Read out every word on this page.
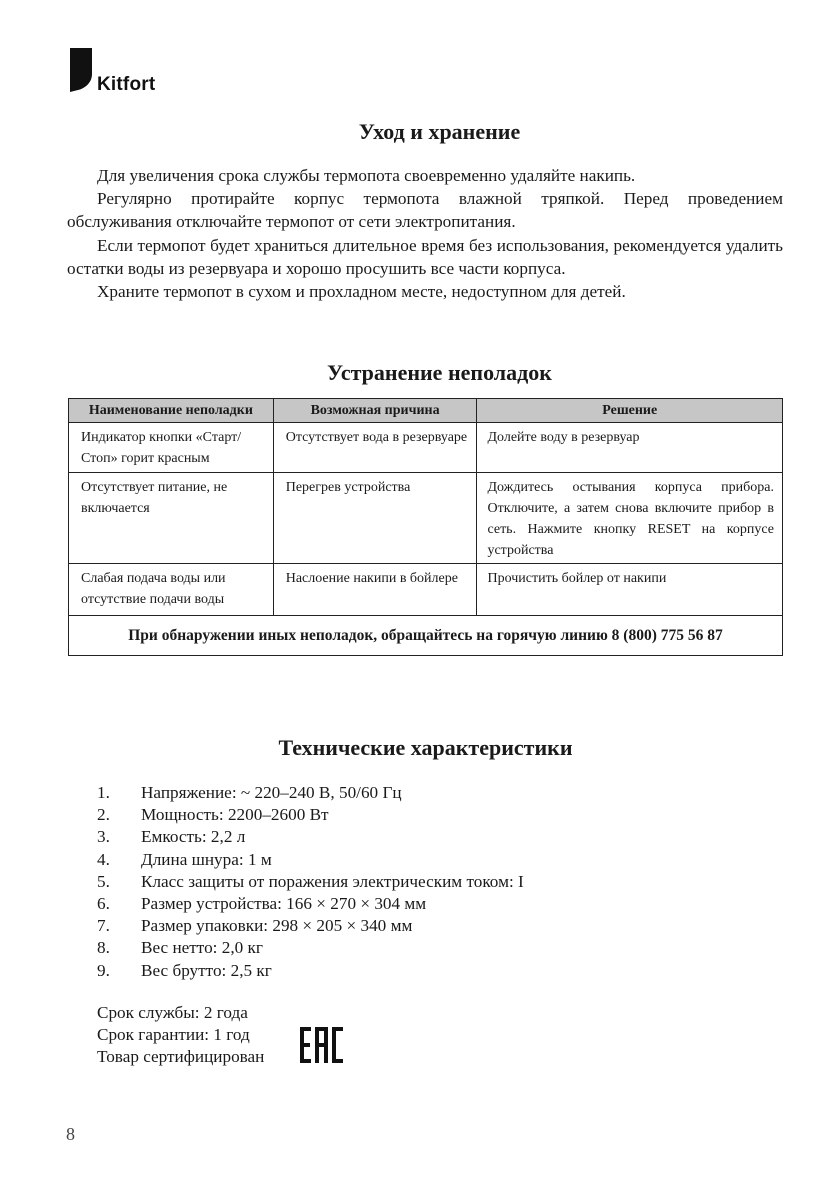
Kitfort
Уход и хранение

Для увеличения срока службы термопота своевременно удаляйте накипь.

Регулярно протирайте корпус термопота влажной тряпкой. Перед проведением обслуживания отключайте термопот от сети электропитания.

Если термопот будет храниться длительное время без использования, рекомендуется удалить остатки воды из резервуара и хорошо просушить все части корпуса.

Храните термопот в сухом и прохладном месте, недоступном для детей.

Устранение неполадок
Наименование неполадки	Возможная причина	Решение
Индикатор кнопки «Старт/Стоп» горит красным	Отсутствует вода в резервуаре	Долейте воду в резервуар
Отсутствует питание, не включается	Перегрев устройства	Дождитесь остывания корпуса прибора. Отключите, а затем снова включите прибор в сеть. Нажмите кнопку RESET на корпусе устройства
Слабая подача воды или отсутствие подачи воды	Наслоение накипи в бойлере	Прочистить бойлер от накипи
При обнаружении иных неполадок, обращайтесь на горячую линию 8 (800) 775 56 87		
Технические характеристики
1.	Напряжение: ~ 220–240 В, 50/60 Гц
2.	Мощность: 2200–2600 Вт
3.	Емкость: 2,2 л
4.	Длина шнура: 1 м
5.	Класс защиты от поражения электрическим током: I
6.	Размер устройства: 166 × 270 × 304 мм
7.	Размер упаковки: 298 × 205 × 340 мм
8.	Вес нетто: 2,0 кг
9.	Вес брутто: 2,5 кг
Срок службы: 2 года
Срок гарантии: 1 год
Товар сертифицирован
8
